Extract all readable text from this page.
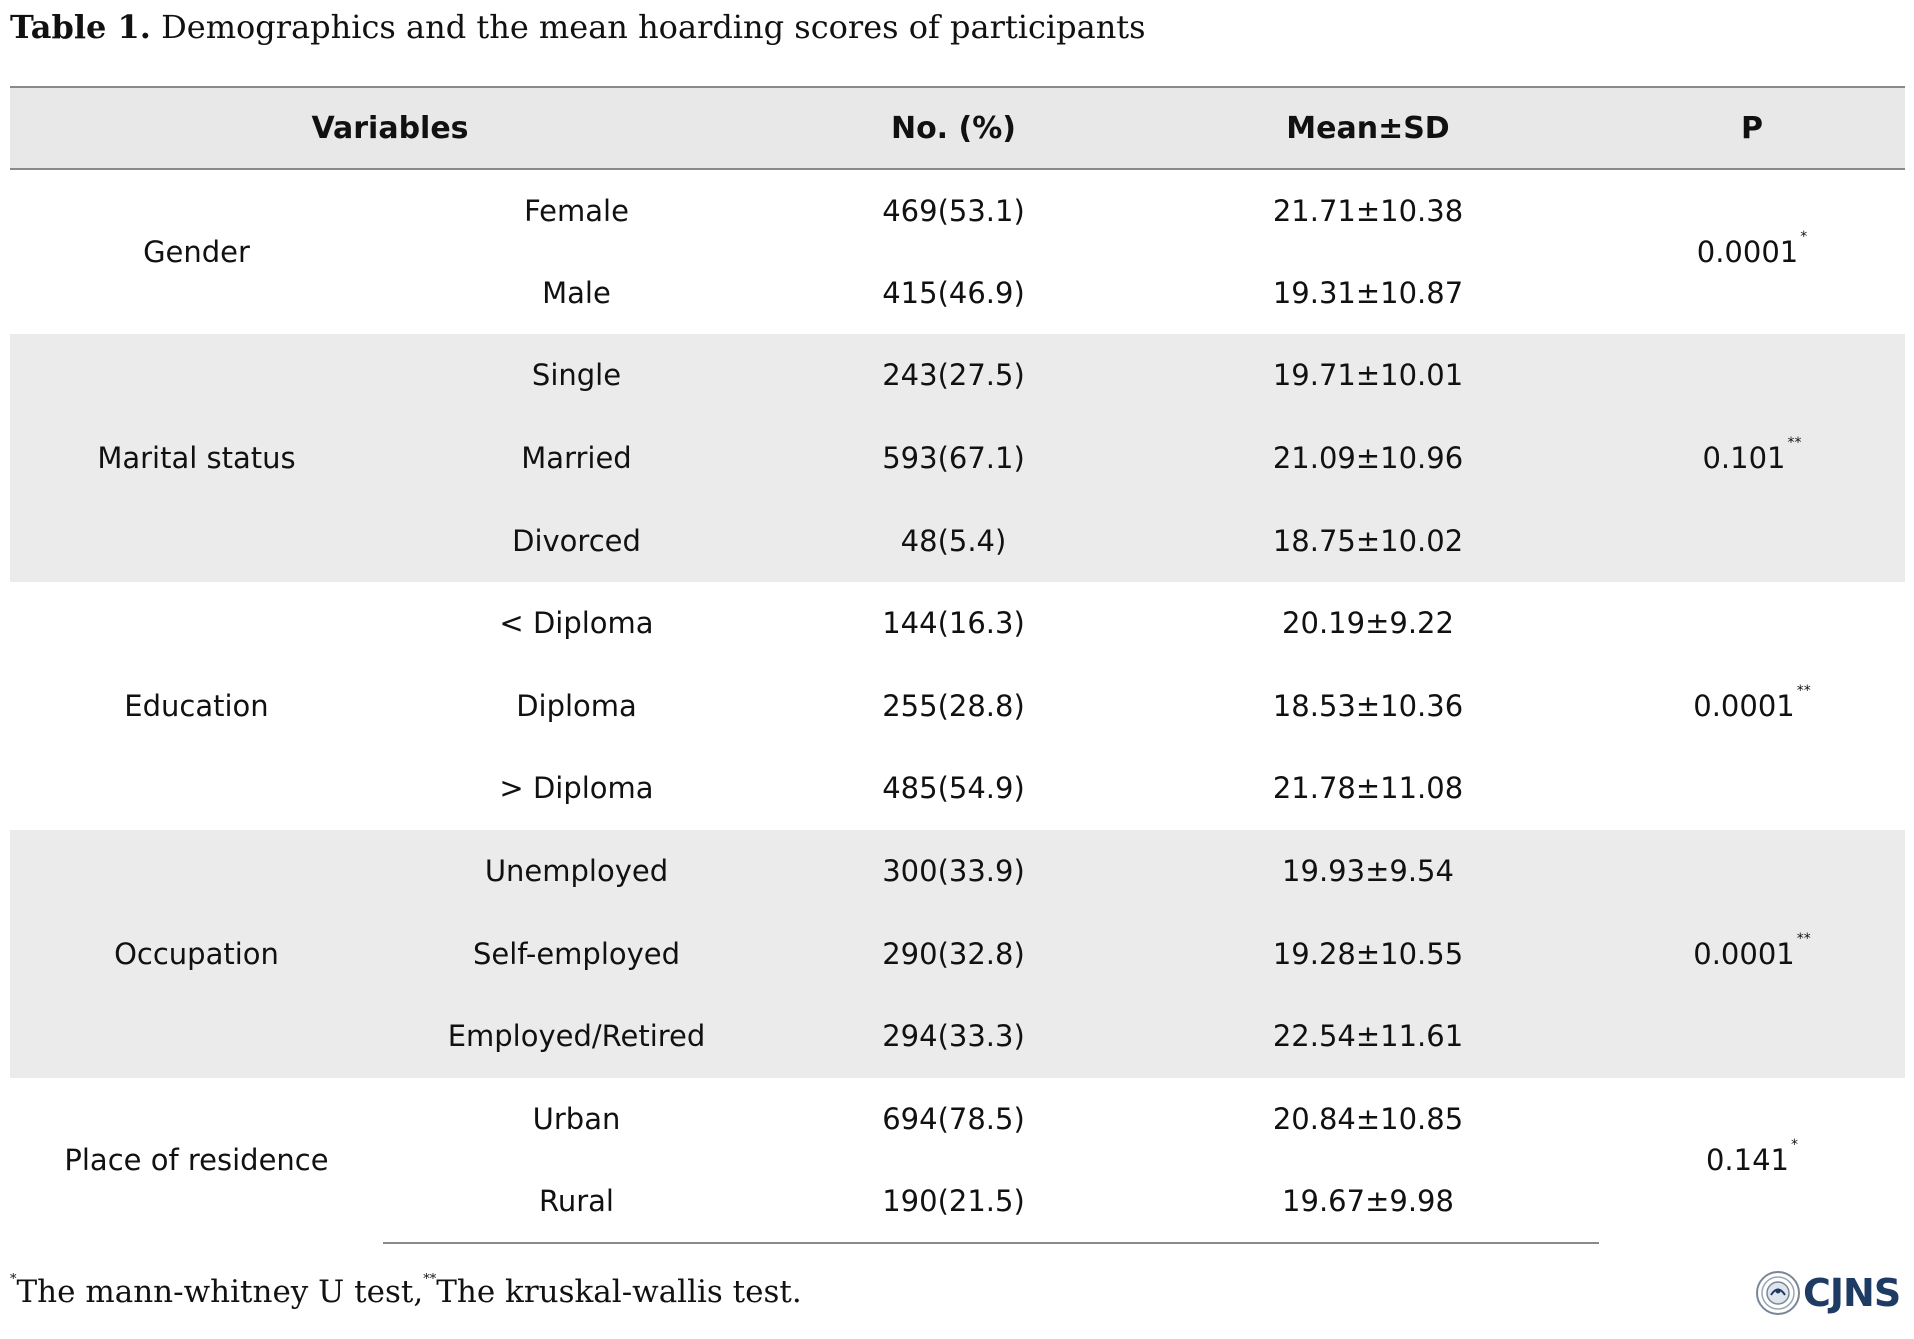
Table 1. Demographics and the mean hoarding scores of participants
Variables		No. (%)	Mean±SD	P
Gender	Female	469(53.1)	21.71±10.38	0.0001 *
	Male	415(46.9)	19.31±10.87	
Marital status	Single	243(27.5)	19.71±10.01	0.101 **
	Married	593(67.1)	21.09±10.96	
	Divorced	48(5.4)	18.75±10.02	
Education	< Diploma	144(16.3)	20.19±9.22	0.0001 **
	Diploma	255(28.8)	18.53±10.36	
	> Diploma	485(54.9)	21.78±11.08	
Occupation	Unemployed	300(33.9)	19.93±9.54	0.0001 **
	Self-employed	290(32.8)	19.28±10.55	
	Employed/Retired	294(33.3)	22.54±11.61	
Place of residence	Urban	694(78.5)	20.84±10.85	0.141 *
	Rural	190(21.5)	19.67±9.98	
*The mann-whitney U test,**The kruskal-wallis test.	CJNS
